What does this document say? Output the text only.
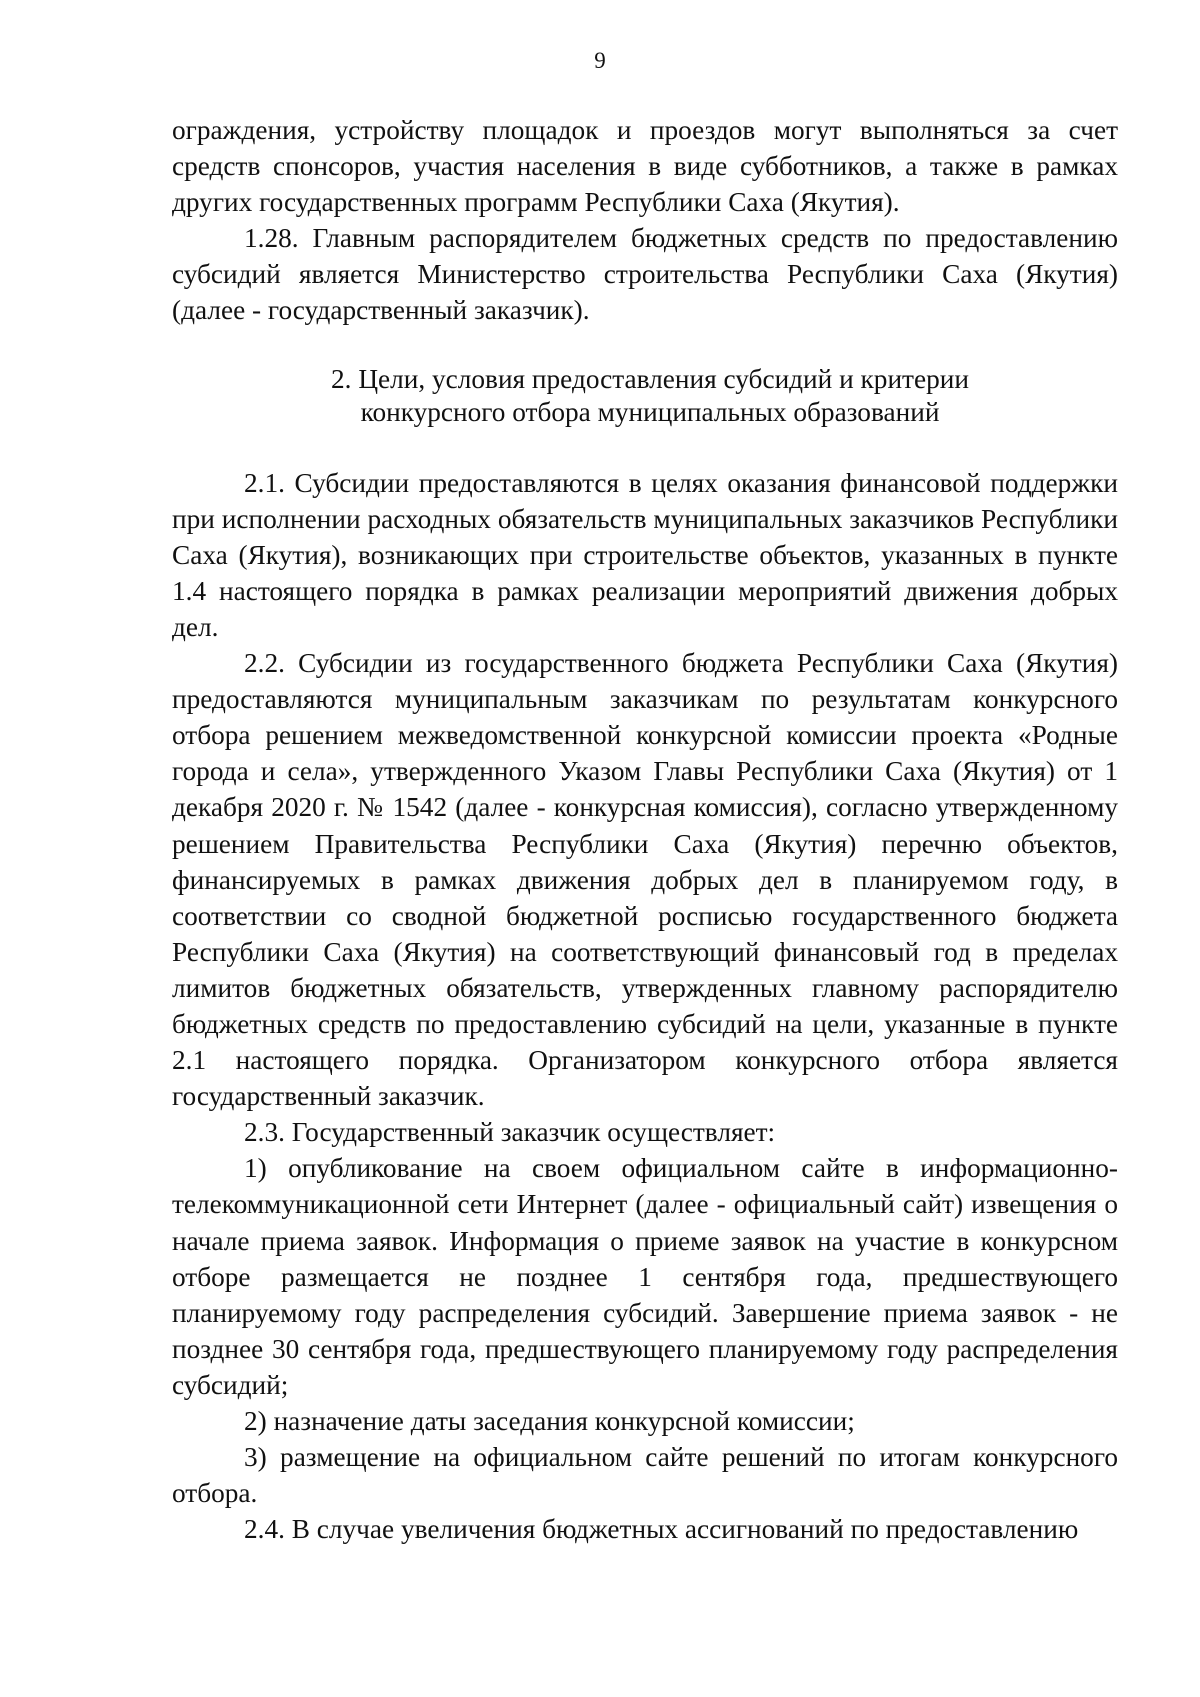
9

ограждения, устройству площадок и проездов могут выполняться за счет средств спонсоров, участия населения в виде субботников, а также в рамках других государственных программ Республики Саха (Якутия).

1.28. Главным распорядителем бюджетных средств по предоставлению субсидий является Министерство строительства Республики Саха (Якутия) (далее - государственный заказчик).

2. Цели, условия предоставления субсидий и критерии
конкурсного отбора муниципальных образований

2.1. Субсидии предоставляются в целях оказания финансовой поддержки при исполнении расходных обязательств муниципальных заказчиков Республики Саха (Якутия), возникающих при строительстве объектов, указанных в пункте 1.4 настоящего порядка в рамках реализации мероприятий движения добрых дел.

2.2. Субсидии из государственного бюджета Республики Саха (Якутия) предоставляются муниципальным заказчикам по результатам конкурсного отбора решением межведомственной конкурсной комиссии проекта «Родные города и села», утвержденного Указом Главы Республики Саха (Якутия) от 1 декабря 2020 г. № 1542 (далее - конкурсная комиссия), согласно утвержденному решением Правительства Республики Саха (Якутия) перечню объектов, финансируемых в рамках движения добрых дел в планируемом году, в соответствии со сводной бюджетной росписью государственного бюджета Республики Саха (Якутия) на соответствующий финансовый год в пределах лимитов бюджетных обязательств, утвержденных главному распорядителю бюджетных средств по предоставлению субсидий на цели, указанные в пункте 2.1 настоящего порядка. Организатором конкурсного отбора является государственный заказчик.

2.3. Государственный заказчик осуществляет:

1) опубликование на своем официальном сайте в информационно-телекоммуникационной сети Интернет (далее - официальный сайт) извещения о начале приема заявок. Информация о приеме заявок на участие в конкурсном отборе размещается не позднее 1 сентября года, предшествующего планируемому году распределения субсидий. Завершение приема заявок - не позднее 30 сентября года, предшествующего планируемому году распределения субсидий;

2) назначение даты заседания конкурсной комиссии;

3) размещение на официальном сайте решений по итогам конкурсного отбора.

2.4. В случае увеличения бюджетных ассигнований по предоставлению
